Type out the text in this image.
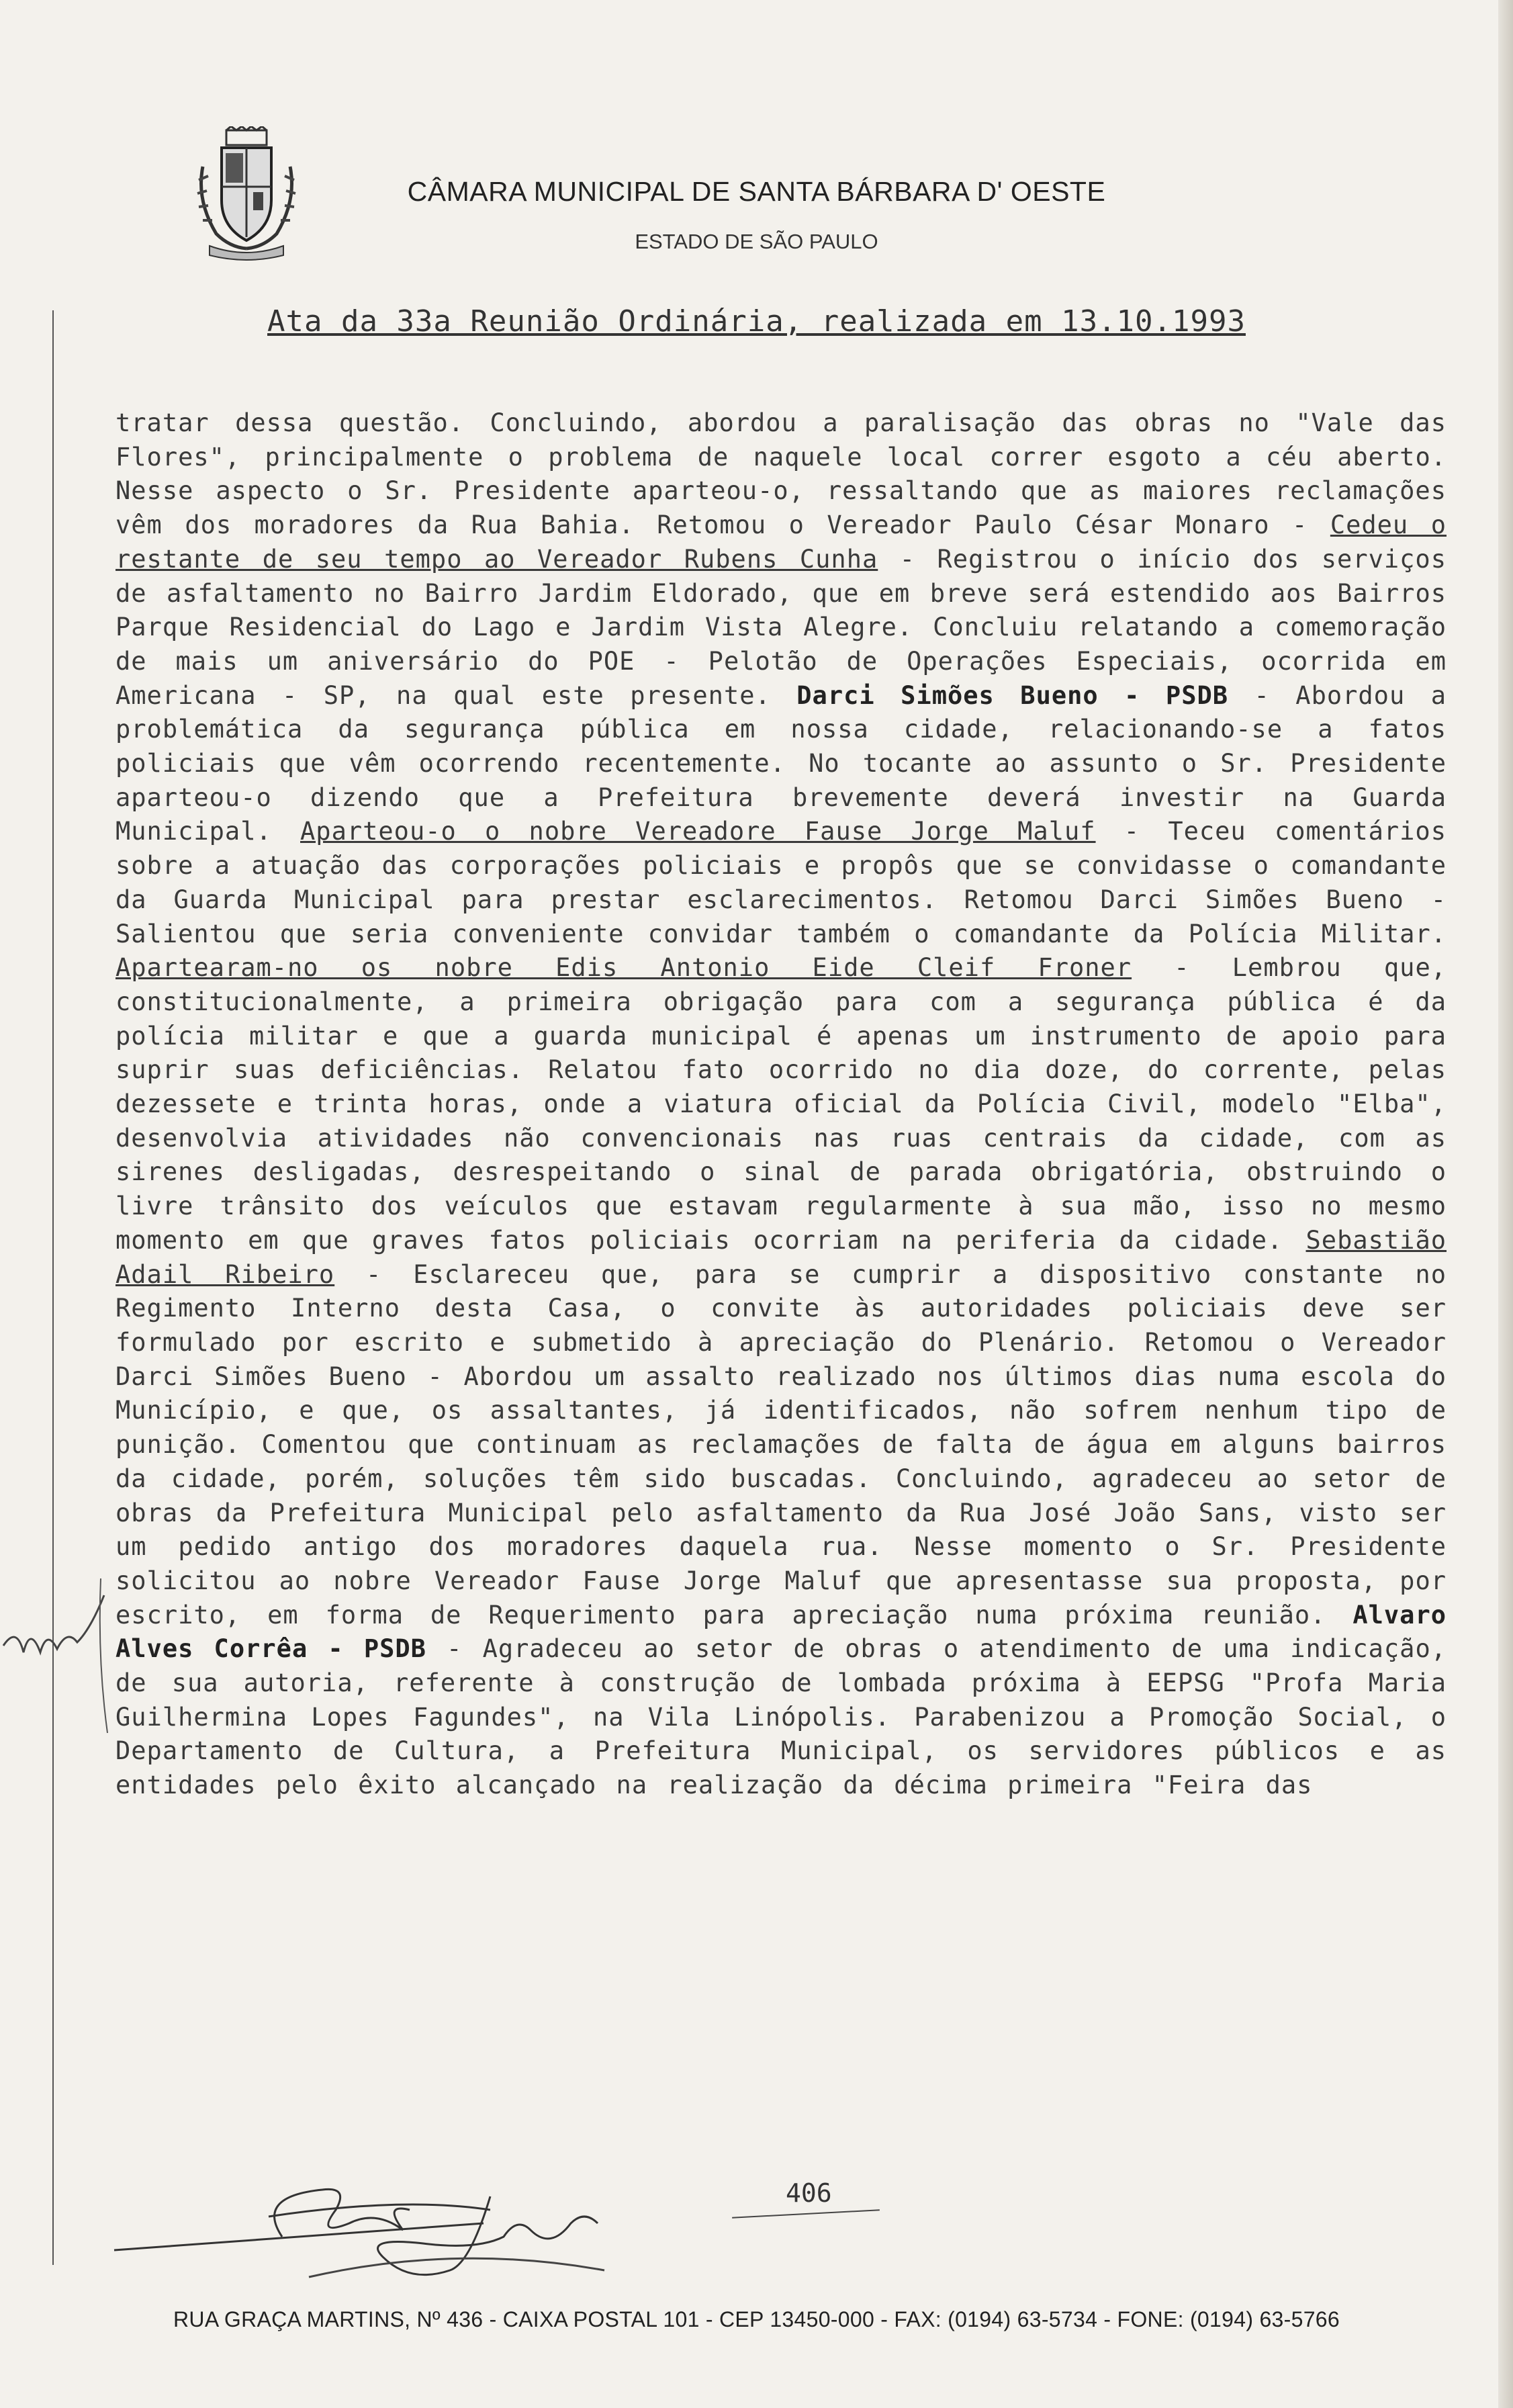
CÂMARA MUNICIPAL DE SANTA BÁRBARA D' OESTE
ESTADO DE SÃO PAULO
Ata da 33a Reunião Ordinária, realizada em 13.10.1993

tratar dessa questão. Concluindo, abordou a paralisação das obras no "Vale das Flores", principalmente o problema de naquele local correr esgoto a céu aberto. Nesse aspecto o Sr. Presidente aparteou-o, ressaltando que as maiores reclamações vêm dos moradores da Rua Bahia. Retomou o Vereador Paulo César Monaro - Cedeu o restante de seu tempo ao Vereador Rubens Cunha - Registrou o início dos serviços de asfaltamento no Bairro Jardim Eldorado, que em breve será estendido aos Bairros Parque Residencial do Lago e Jardim Vista Alegre. Concluiu relatando a comemoração de mais um aniversário do POE - Pelotão de Operações Especiais, ocorrida em Americana - SP, na qual este presente. Darci Simões Bueno - PSDB - Abordou a problemática da segurança pública em nossa cidade, relacionando-se a fatos policiais que vêm ocorrendo recentemente. No tocante ao assunto o Sr. Presidente aparteou-o dizendo que a Prefeitura brevemente deverá investir na Guarda Municipal. Aparteou-o o nobre Vereadore Fause Jorge Maluf - Teceu comentários sobre a atuação das corporações policiais e propôs que se convidasse o comandante da Guarda Municipal para prestar esclarecimentos. Retomou Darci Simões Bueno - Salientou que seria conveniente convidar também o comandante da Polícia Militar. Apartearam-no os nobre Edis Antonio Eide Cleif Froner - Lembrou que, constitucionalmente, a primeira obrigação para com a segurança pública é da polícia militar e que a guarda municipal é apenas um instrumento de apoio para suprir suas deficiências. Relatou fato ocorrido no dia doze, do corrente, pelas dezessete e trinta horas, onde a viatura oficial da Polícia Civil, modelo "Elba", desenvolvia atividades não convencionais nas ruas centrais da cidade, com as sirenes desligadas, desrespeitando o sinal de parada obrigatória, obstruindo o livre trânsito dos veículos que estavam regularmente à sua mão, isso no mesmo momento em que graves fatos policiais ocorriam na periferia da cidade. Sebastião Adail Ribeiro - Esclareceu que, para se cumprir a dispositivo constante no Regimento Interno desta Casa, o convite às autoridades policiais deve ser formulado por escrito e submetido à apreciação do Plenário. Retomou o Vereador Darci Simões Bueno - Abordou um assalto realizado nos últimos dias numa escola do Município, e que, os assaltantes, já identificados, não sofrem nenhum tipo de punição. Comentou que continuam as reclamações de falta de água em alguns bairros da cidade, porém, soluções têm sido buscadas. Concluindo, agradeceu ao setor de obras da Prefeitura Municipal pelo asfaltamento da Rua José João Sans, visto ser um pedido antigo dos moradores daquela rua. Nesse momento o Sr. Presidente solicitou ao nobre Vereador Fause Jorge Maluf que apresentasse sua proposta, por escrito, em forma de Requerimento para apreciação numa próxima reunião. Alvaro Alves Corrêa - PSDB - Agradeceu ao setor de obras o atendimento de uma indicação, de sua autoria, referente à construção de lombada próxima à EEPSG "Profa Maria Guilhermina Lopes Fagundes", na Vila Linópolis. Parabenizou a Promoção Social, o Departamento de Cultura, a Prefeitura Municipal, os servidores públicos e as entidades pelo êxito alcançado na realização da décima primeira "Feira das

406
RUA GRAÇA MARTINS, Nº 436 - CAIXA POSTAL 101 - CEP 13450-000 - FAX: (0194) 63-5734 - FONE: (0194) 63-5766
